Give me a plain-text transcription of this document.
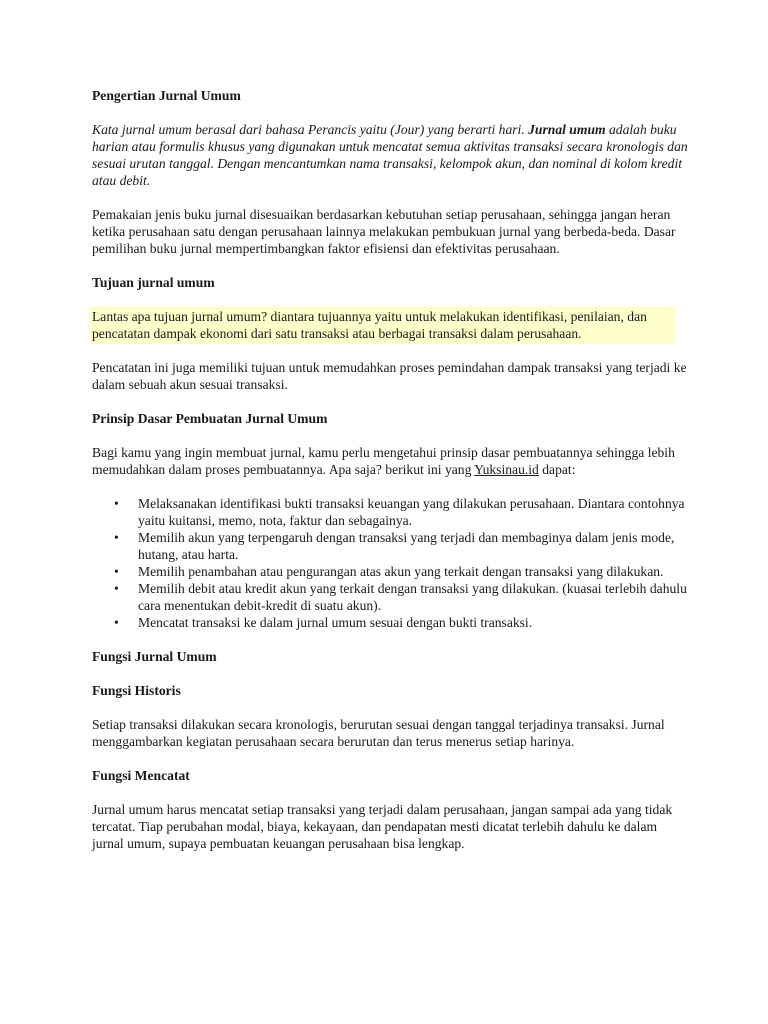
Pengertian Jurnal Umum

Kata jurnal umum berasal dari bahasa Perancis yaitu (Jour) yang berarti hari. Jurnal umum adalah buku harian atau formulis khusus yang digunakan untuk mencatat semua aktivitas transaksi secara kronologis dan sesuai urutan tanggal. Dengan mencantumkan nama transaksi, kelompok akun, dan nominal di kolom kredit atau debit.

Pemakaian jenis buku jurnal disesuaikan berdasarkan kebutuhan setiap perusahaan, sehingga jangan heran ketika perusahaan satu dengan perusahaan lainnya melakukan pembukuan jurnal yang berbeda-beda. Dasar pemilihan buku jurnal mempertimbangkan faktor efisiensi dan efektivitas perusahaan.

Tujuan jurnal umum

Lantas apa tujuan jurnal umum? diantara tujuannya yaitu untuk melakukan identifikasi, penilaian, dan pencatatan dampak ekonomi dari satu transaksi atau berbagai transaksi dalam perusahaan.

Pencatatan ini juga memiliki tujuan untuk memudahkan proses pemindahan dampak transaksi yang terjadi ke dalam sebuah akun sesuai transaksi.

Prinsip Dasar Pembuatan Jurnal Umum

Bagi kamu yang ingin membuat jurnal, kamu perlu mengetahui prinsip dasar pembuatannya sehingga lebih memudahkan dalam proses pembuatannya. Apa saja? berikut ini yang Yuksinau.id dapat:

• Melaksanakan identifikasi bukti transaksi keuangan yang dilakukan perusahaan. Diantara contohnya yaitu kuitansi, memo, nota, faktur dan sebagainya.
• Memilih akun yang terpengaruh dengan transaksi yang terjadi dan membaginya dalam jenis mode, hutang, atau harta.
• Memilih penambahan atau pengurangan atas akun yang terkait dengan transaksi yang dilakukan.
• Memilih debit atau kredit akun yang terkait dengan transaksi yang dilakukan. (kuasai terlebih dahulu cara menentukan debit-kredit di suatu akun).
• Mencatat transaksi ke dalam jurnal umum sesuai dengan bukti transaksi.
Fungsi Jurnal Umum
Fungsi Historis

Setiap transaksi dilakukan secara kronologis, berurutan sesuai dengan tanggal terjadinya transaksi. Jurnal menggambarkan kegiatan perusahaan secara berurutan dan terus menerus setiap harinya.

Fungsi Mencatat

Jurnal umum harus mencatat setiap transaksi yang terjadi dalam perusahaan, jangan sampai ada yang tidak tercatat. Tiap perubahan modal, biaya, kekayaan, dan pendapatan mesti dicatat terlebih dahulu ke dalam jurnal umum, supaya pembuatan keuangan perusahaan bisa lengkap.
